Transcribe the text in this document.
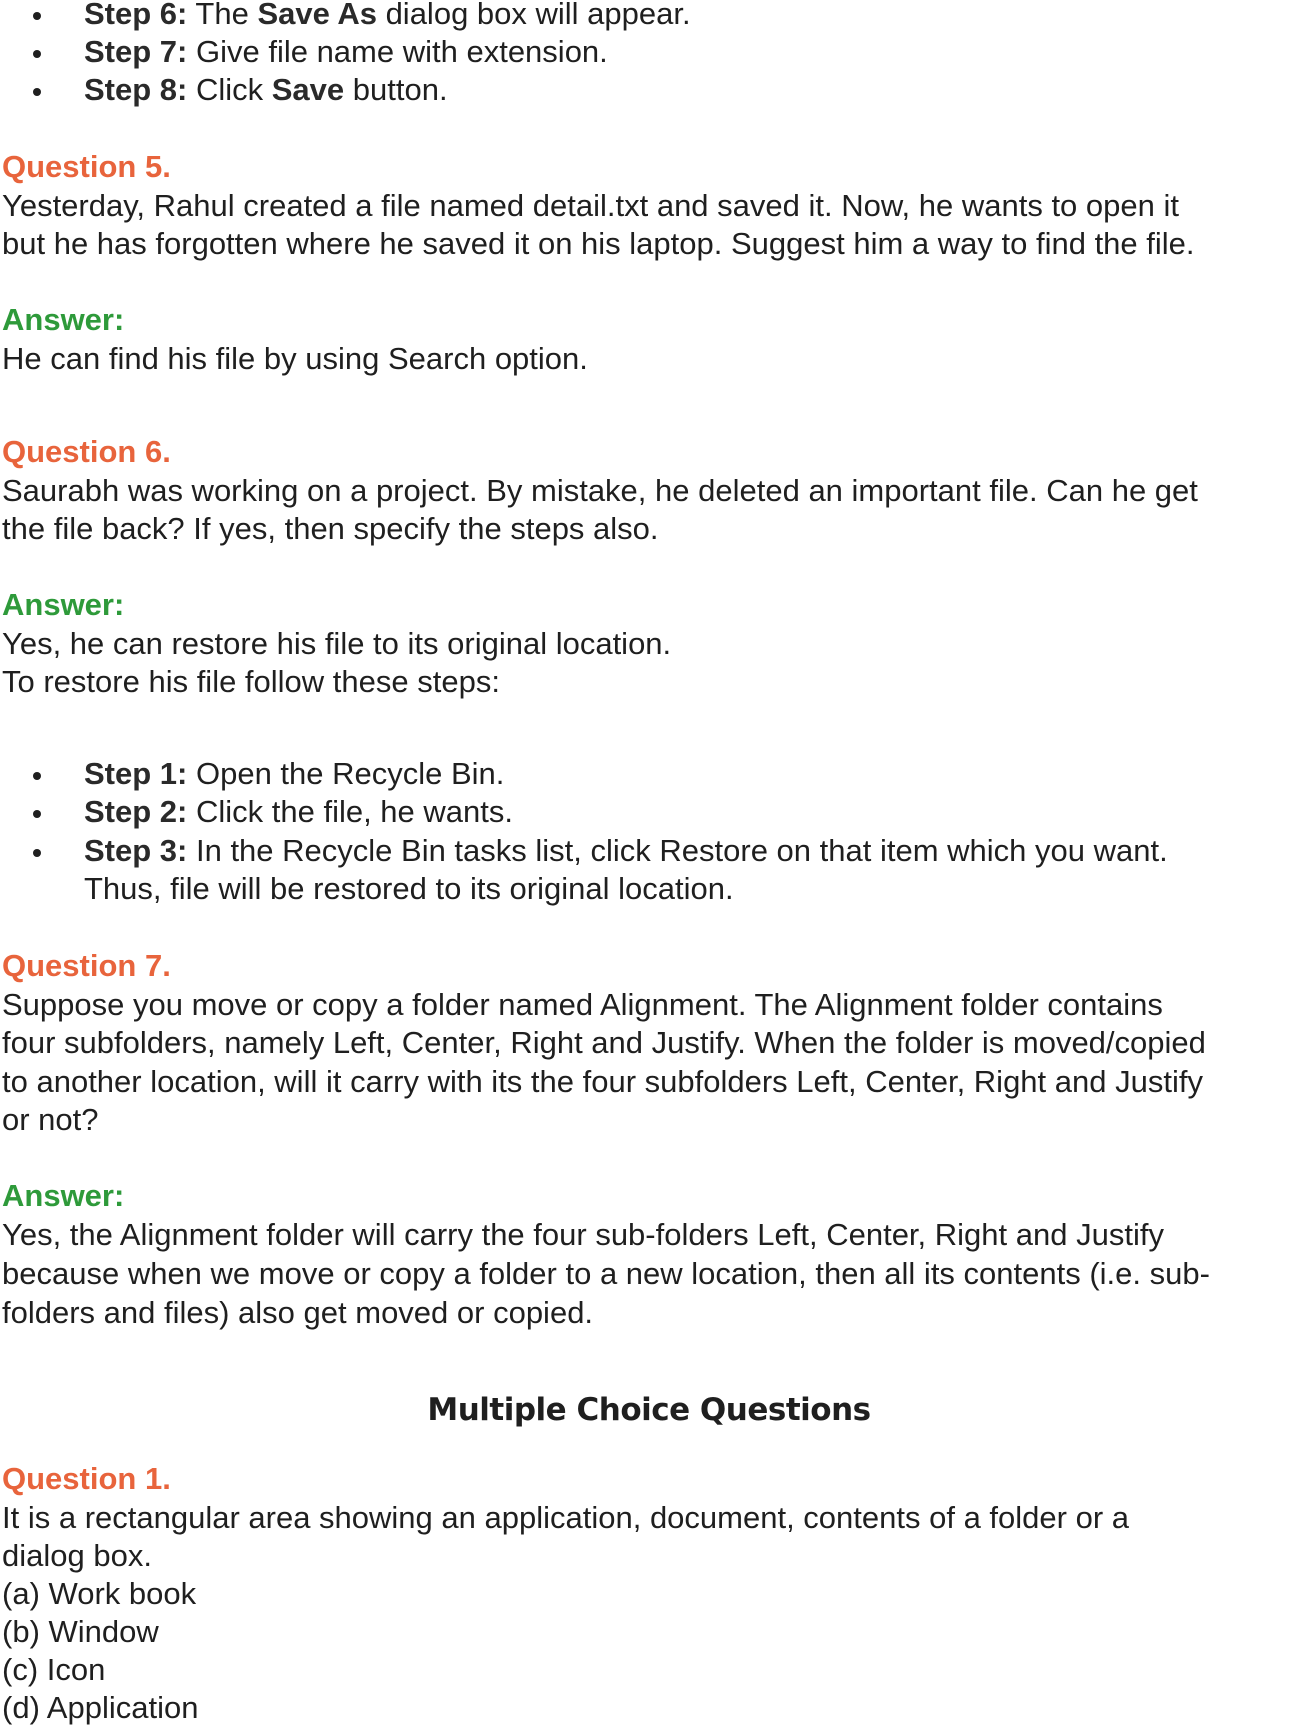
Step 6: The Save As dialog box will appear.
Step 7: Give file name with extension.
Step 8: Click Save button.

Question 5.

Yesterday, Rahul created a file named detail.txt and saved it. Now, he wants to open it

but he has forgotten where he saved it on his laptop. Suggest him a way to find the file.

Answer:

He can find his file by using Search option.

Question 6.

Saurabh was working on a project. By mistake, he deleted an important file. Can he get

the file back? If yes, then specify the steps also.

Answer:

Yes, he can restore his file to its original location.

To restore his file follow these steps:

Step 1: Open the Recycle Bin.
Step 2: Click the file, he wants.
Step 3: In the Recycle Bin tasks list, click Restore on that item which you want.
Thus, file will be restored to its original location.

Question 7.

Suppose you move or copy a folder named Alignment. The Alignment folder contains

four subfolders, namely Left, Center, Right and Justify. When the folder is moved/copied

to another location, will it carry with its the four subfolders Left, Center, Right and Justify

or not?

Answer:

Yes, the Alignment folder will carry the four sub-folders Left, Center, Right and Justify

because when we move or copy a folder to a new location, then all its contents (i.e. sub-

folders and files) also get moved or copied.

Multiple Choice Questions

Question 1.

It is a rectangular area showing an application, document, contents of a folder or a

dialog box.

(a) Work book

(b) Window

(c) Icon

(d) Application
